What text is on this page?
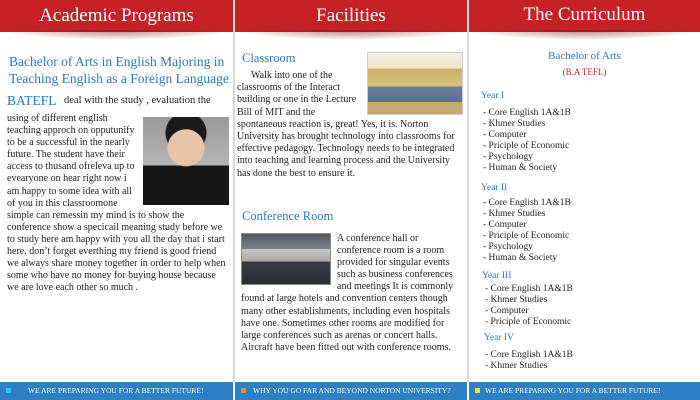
Academic Programs	Facilities	The Curriculum
Bachelor of Arts in English Majoring in Teaching English as a Foreign Language
BATEFL deal with the study , evaluation the
using of different english teaching approch on opputunify to be a successful in the nearly future. The student have their access to thusand ofreleva up to evearyone on hear right now i am happy to some idea with all of you in this classroomone simple can remessin my mind is to show the conference show a specicail meaning study before we to study here am happy with you all the day that i start here. don’t forget everthing my friend is good friend we always share money together in order to help when some who have no money for buying house because we are love each other so much .
Classroom
Walk into one of the classrooms of the Interact building or one in the Lecture Bill of MIT and the spontaneous reaction is, great! Yes, it is. Norton University has brought technology into classrooms for effective pedagogy. Technology needs to be integrated into teaching and learning process and the University has done the best to ensure it.
Conference Room
A conference hall or conference room is a room provided for singular events such as business conferences and meetings It is commonly found at large hotels and convention centers though many other establishments, including even hospitals have one. Sometimes other rooms are modified for large conferences such as arenas or concert halls. Aircraft have been fitted out with conference rooms.
Bachelor of Arts
(B.A TEFL)
Year I
- Core English 1A&1B
- Khmer Studies
- Computer
- Priciple of Economic
- Psychology
- Human & Society
Year II
- Core English 1A&1B
- Khmer Studies
- Computer
- Priciple of Economic
- Psychology
- Human & Society
Year III
- Core English 1A&1B
- Khmer Studies
- Computer
- Priciple of Economic
Year IV
- Core English 1A&1B
- Khmer Studies
WE ARE PREPARING YOU FOR A BETTER FUTURE!	WHY YOU GO FAR AND BEYOND NORTON UNIVERSITY?	WE ARE PREPARING YOU FOR A BETTER FUTURE!
